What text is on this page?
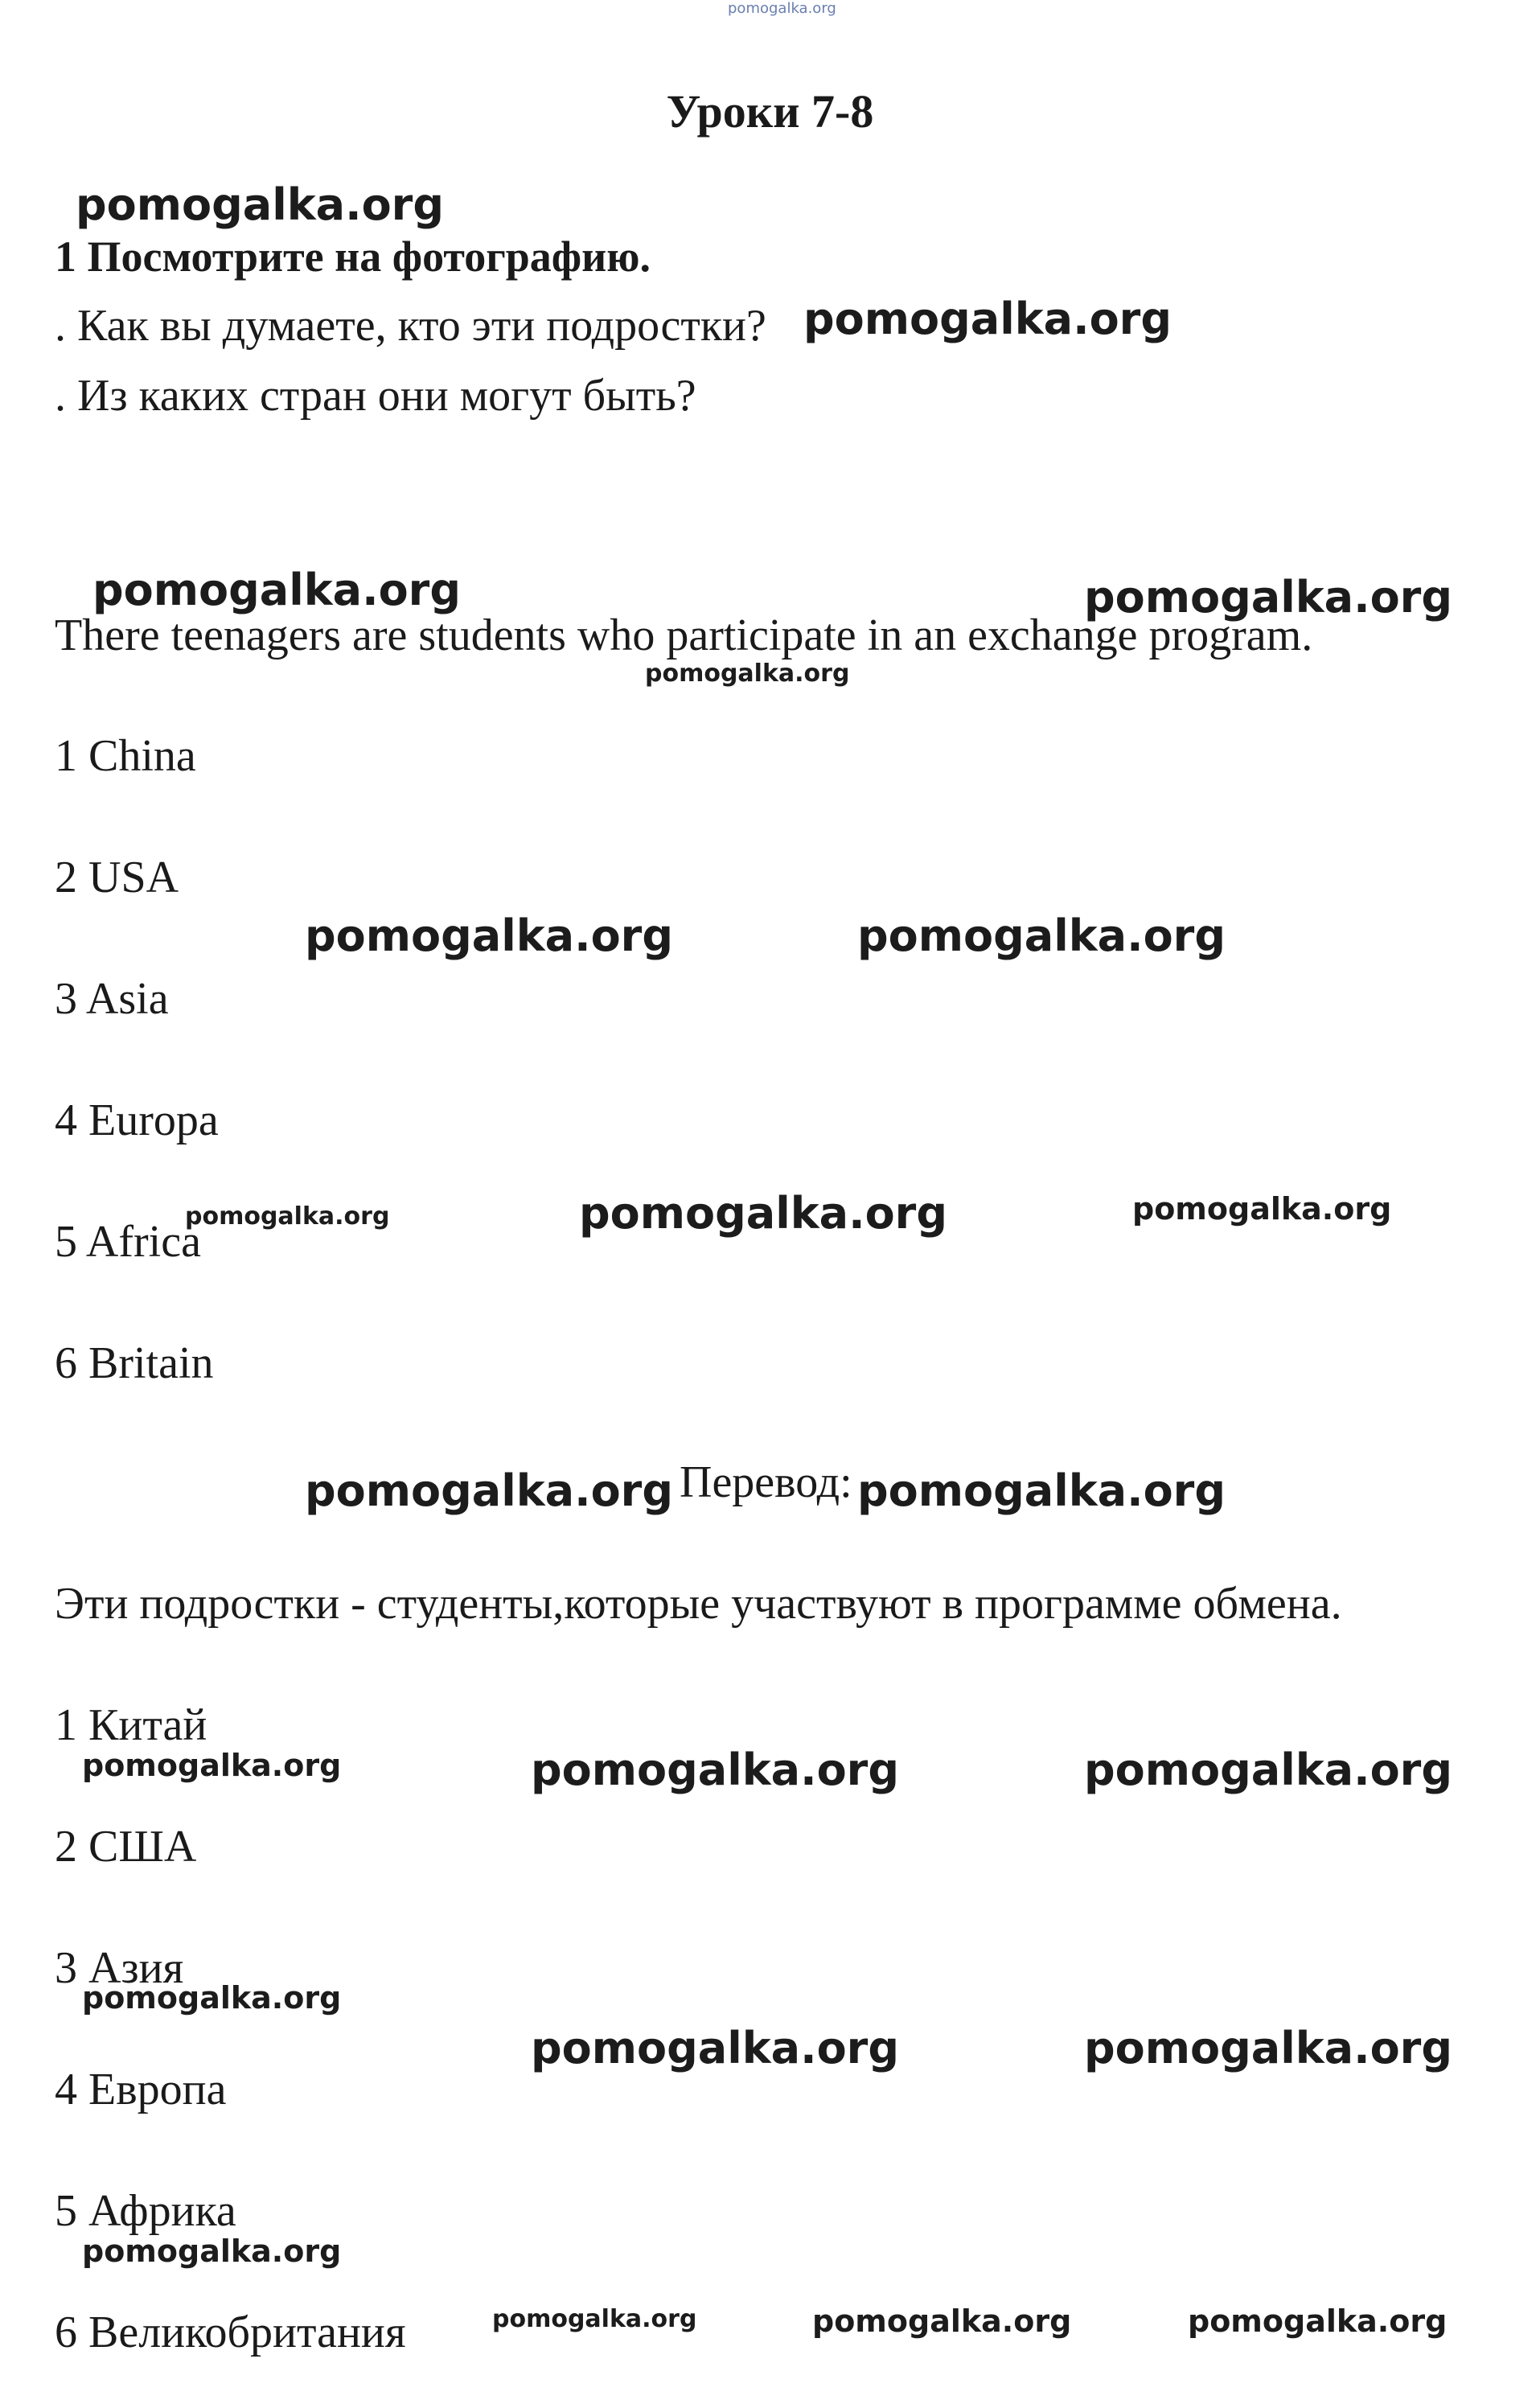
pomogalka.org
Уроки 7-8
1 Посмотрите на фотографию.
. Как вы думаете, кто эти подростки?
. Из каких стран они могут быть?
There teenagers are students who participate in an exchange program.
1 China
2 USA
3 Asia
4 Europa
5 Africa
6 Britain
Перевод:
Эти подростки - студенты,которые участвуют в программе обмена.
1 Китай
2 США
3 Азия
4 Европа
5 Африка
6 Великобритания
pomogalka.org
pomogalka.org
pomogalka.org	pomogalka.org
pomogalka.org
pomogalka.org	pomogalka.org
pomogalka.org	pomogalka.org	pomogalka.org
pomogalka.org	pomogalka.org
pomogalka.org	pomogalka.org	pomogalka.org
pomogalka.org
pomogalka.org	pomogalka.org
pomogalka.org
pomogalka.org	pomogalka.org	pomogalka.org
